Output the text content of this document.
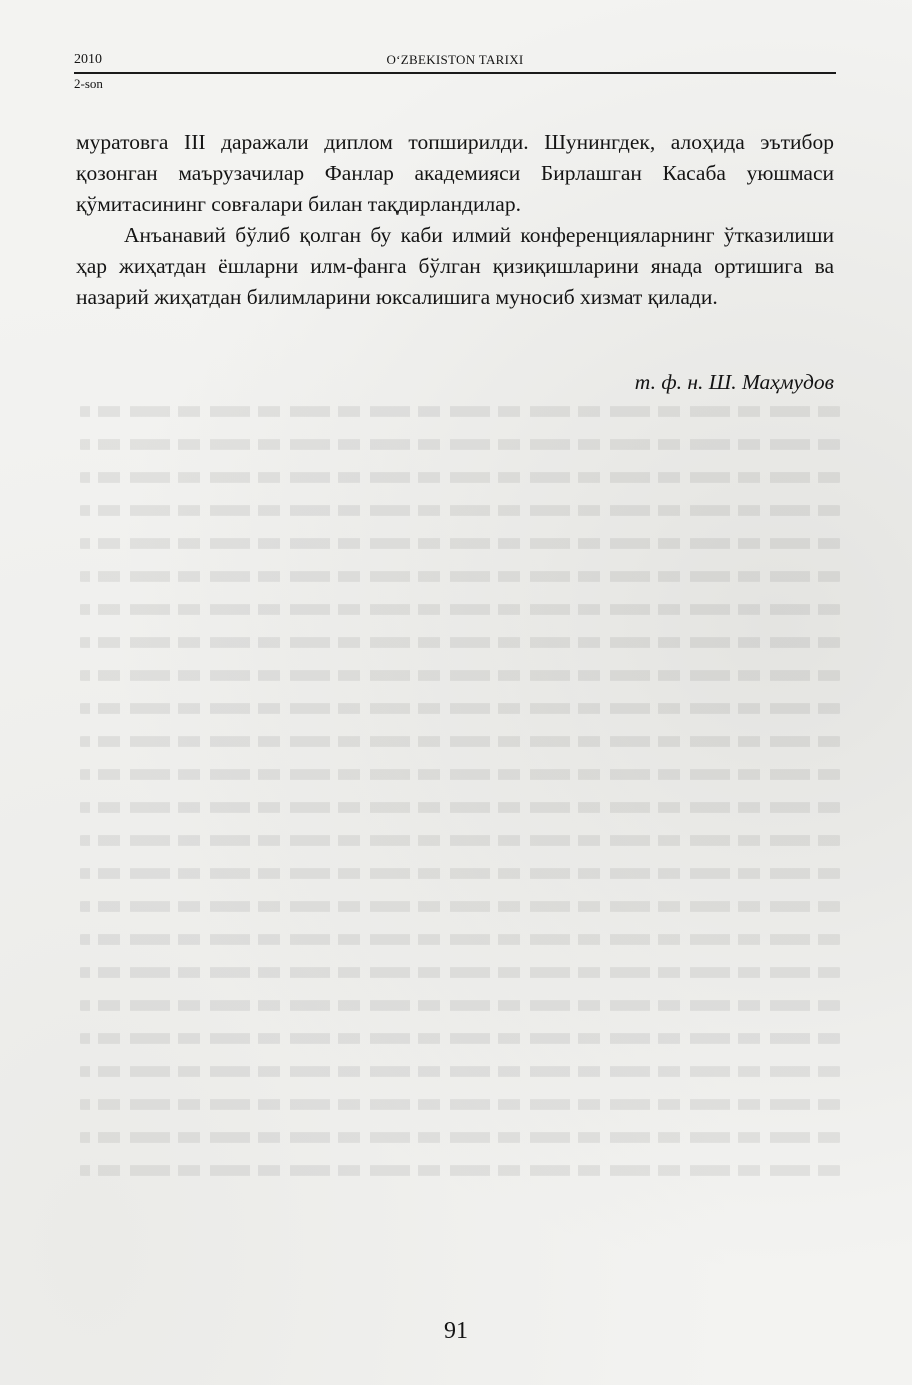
2010	O‘ZBEKISTON TARIXI
2-son

муратовга III даражали диплом топширилди. Шунингдек, алоҳида эътибор қозонган маърузачилар Фанлар академияси Бирлашган Касаба уюшмаси қўмитасининг совғалари билан тақдирландилар.

Анъанавий бўлиб қолган бу каби илмий конференцияларнинг ўтказилиши ҳар жиҳатдан ёшларни илм-фанга бўлган қизиқишларини янада ортишига ва назарий жиҳатдан билимларини юксалишига муносиб хизмат қилади.

т. ф. н. Ш. Маҳмудов
91
